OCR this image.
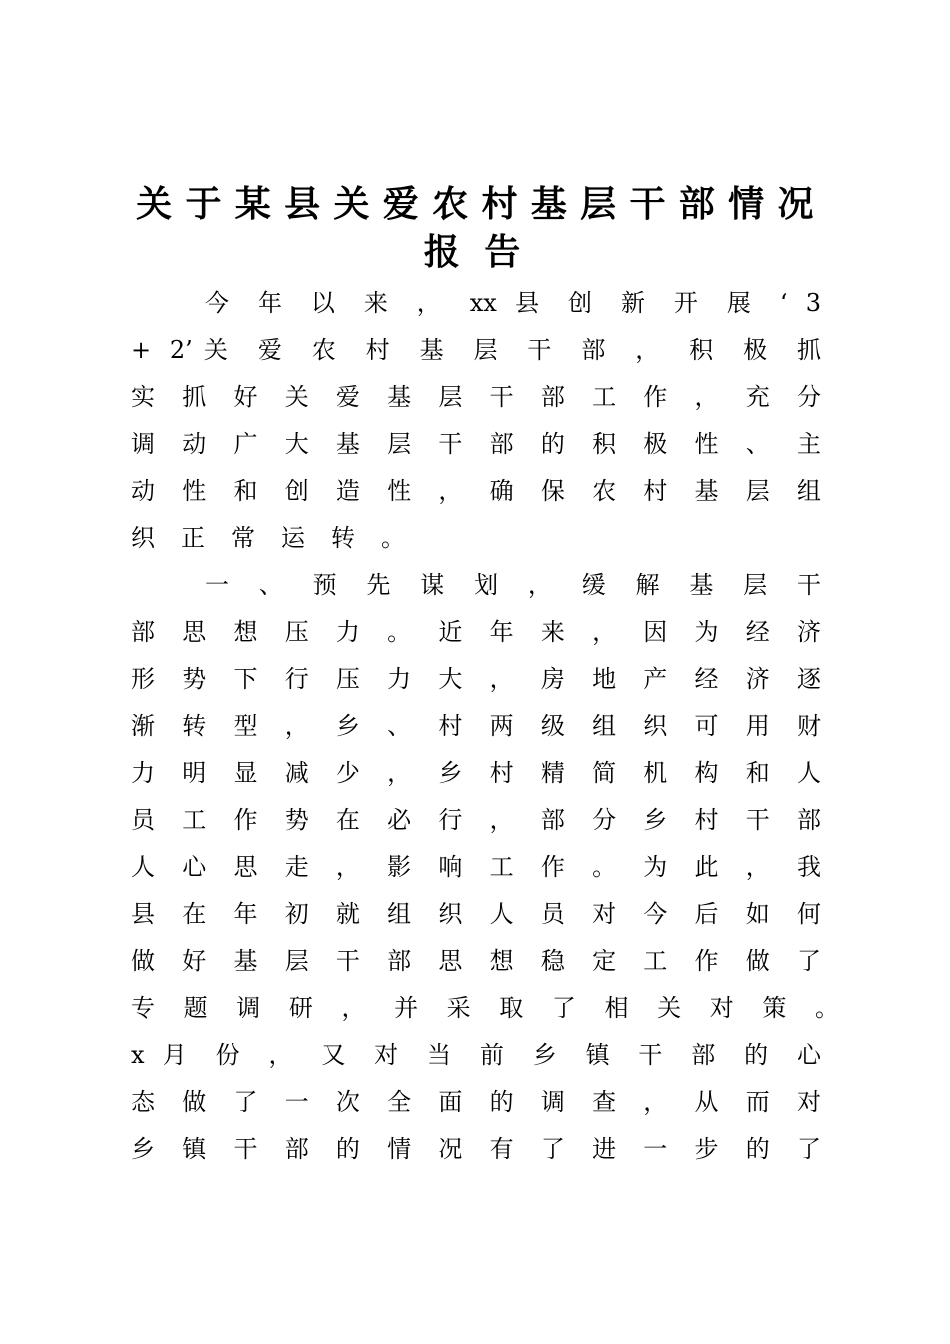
关 于 某 县 关 爱 农 村 基 层 干 部 情 况
报 告
今 年 以 来 ， xx 县 创 新 开 展 ‘ 3
+ 2’关 爱 农 村 基 层 干 部 ， 积 极 抓
实 抓 好 关 爱 基 层 干 部 工 作 ， 充 分
调 动 广 大 基 层 干 部 的 积 极 性 、 主
动 性 和 创 造 性 ， 确 保 农 村 基 层 组
织正常运转。
一 、 预 先 谋 划 ， 缓 解 基 层 干
部 思 想 压 力 。 近 年 来 ， 因 为 经 济
形 势 下 行 压 力 大 ， 房 地 产 经 济 逐
渐 转 型 ， 乡 、 村 两 级 组 织 可 用 财
力 明 显 减 少 ， 乡 村 精 简 机 构 和 人
员 工 作 势 在 必 行 ， 部 分 乡 村 干 部
人 心 思 走 ， 影 响 工 作 。 为 此 ， 我
县 在 年 初 就 组 织 人 员 对 今 后 如 何
做 好 基 层 干 部 思 想 稳 定 工 作 做 了
专 题 调 研 ， 并 采 取 了 相 关 对 策 。
x 月 份 ， 又 对 当 前 乡 镇 干 部 的 心
态 做 了 一 次 全 面 的 调 查 ， 从 而 对
乡 镇 干 部 的 情 况 有 了 进 一 步 的 了
